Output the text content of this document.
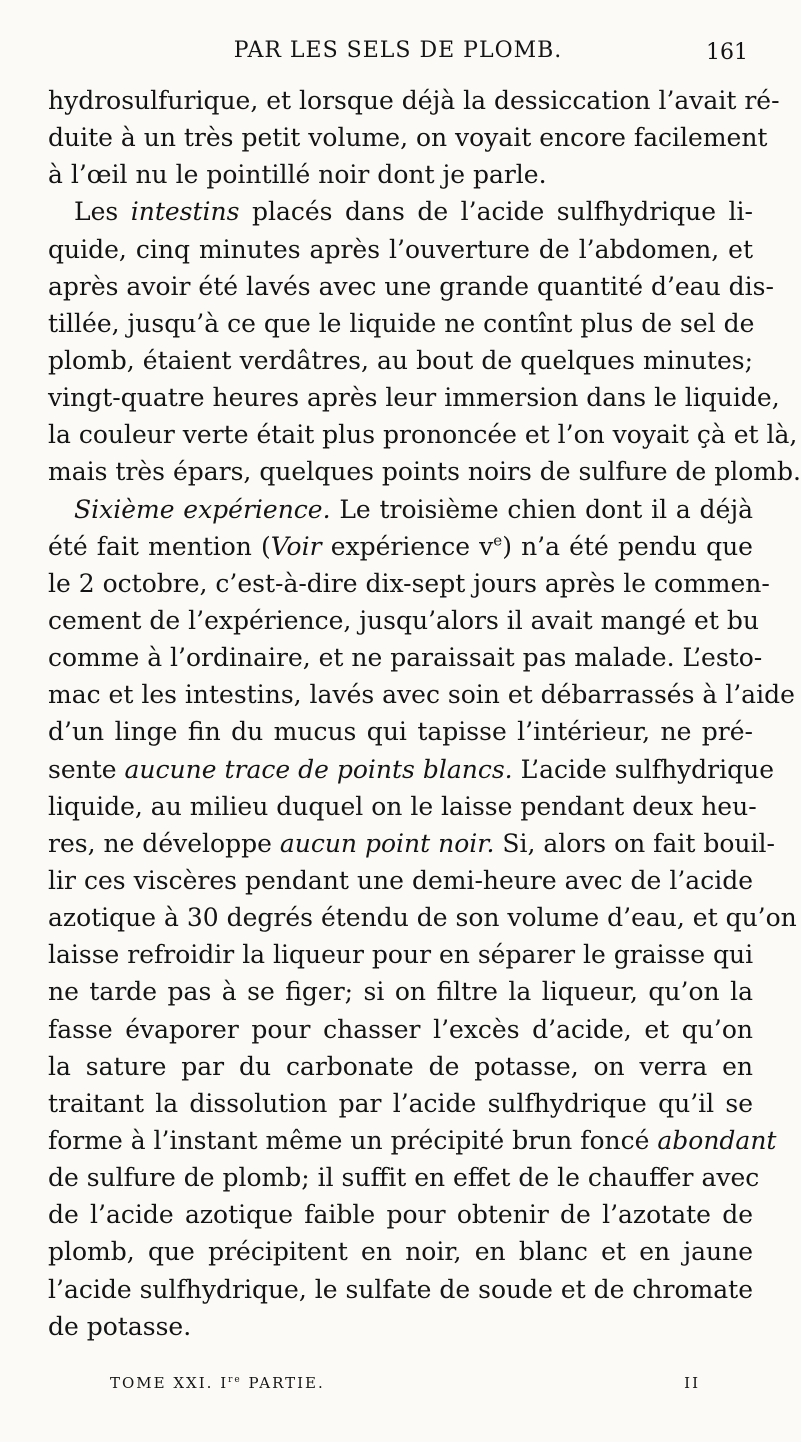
PAR LES SELS DE PLOMB.	161
hydrosulfurique, et lorsque déjà la dessiccation l’avait ré-
duite à un très petit volume, on voyait encore facilement
à l’œil nu le pointillé noir dont je parle.
Les intestins placés dans de l’acide sulfhydrique li-
quide, cinq minutes après l’ouverture de l’abdomen, et
après avoir été lavés avec une grande quantité d’eau dis-
tillée, jusqu’à ce que le liquide ne contînt plus de sel de
plomb, étaient verdâtres, au bout de quelques minutes;
vingt-quatre heures après leur immersion dans le liquide,
la couleur verte était plus prononcée et l’on voyait çà et là,
mais très épars, quelques points noirs de sulfure de plomb.
Sixième expérience. Le troisième chien dont il a déjà
été fait mention (Voir expérience $v^e$) n’a été pendu que
le 2 octobre, c’est-à-dire dix-sept jours après le commen-
cement de l’expérience, jusqu’alors il avait mangé et bu
comme à l’ordinaire, et ne paraissait pas malade. L’esto-
mac et les intestins, lavés avec soin et débarrassés à l’aide
d’un linge fin du mucus qui tapisse l’intérieur, ne pré-
sente aucune trace de points blancs. L’acide sulfhydrique
liquide, au milieu duquel on le laisse pendant deux heu-
res, ne développe aucun point noir. Si, alors on fait bouil-
lir ces viscères pendant une demi-heure avec de l’acide
azotique à 30 degrés étendu de son volume d’eau, et qu’on
laisse refroidir la liqueur pour en séparer le graisse qui
ne tarde pas à se figer; si on filtre la liqueur, qu’on la
fasse évaporer pour chasser l’excès d’acide, et qu’on
la sature par du carbonate de potasse, on verra en
traitant la dissolution par l’acide sulfhydrique qu’il se
forme à l’instant même un précipité brun foncé abondant
de sulfure de plomb; il suffit en effet de le chauffer avec
de l’acide azotique faible pour obtenir de l’azotate de
plomb, que précipitent en noir, en blanc et en jaune
l’acide sulfhydrique, le sulfate de soude et de chromate
de potasse.
TOME XXI. Ire PARTIE.	II
